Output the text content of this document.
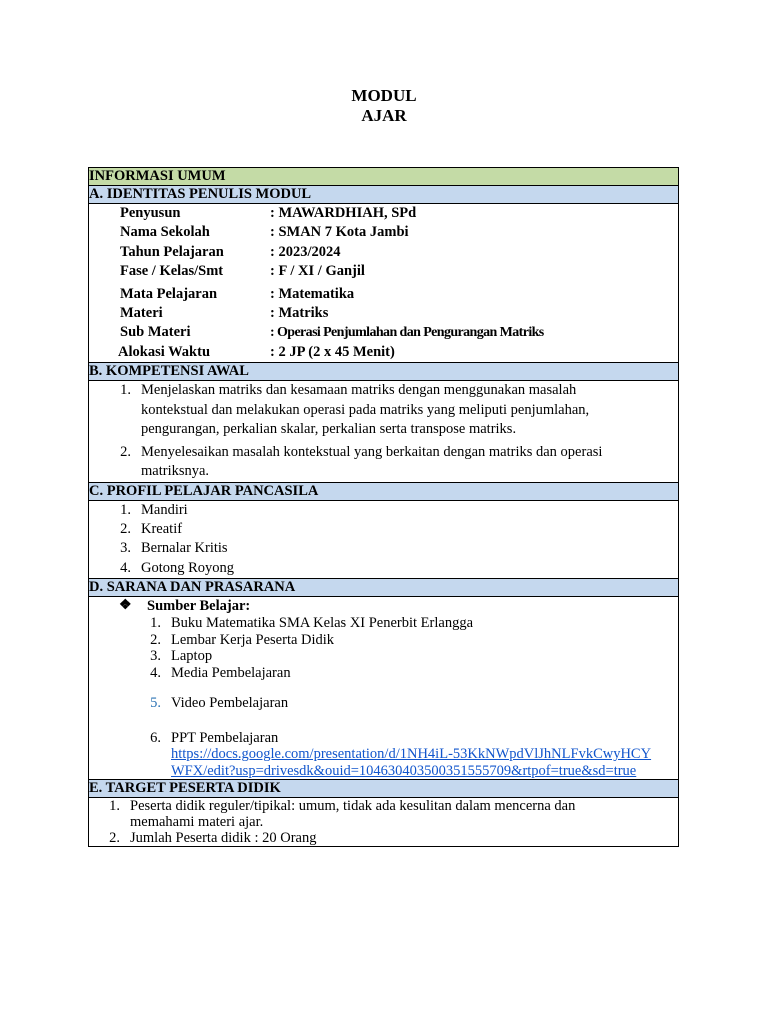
MODUL
AJAR
INFORMASI UMUM
A. IDENTITAS PENULIS MODUL

Penyusun	: MAWARDHIAH, SPd
Nama Sekolah	: SMAN 7 Kota Jambi
Tahun Pelajaran	: 2023/2024
Fase / Kelas/Smt	: F / XI / Ganjil
Mata Pelajaran	: Matematika
Materi	: Matriks
Sub Materi	: Operasi Penjumlahan dan Pengurangan Matriks
Alokasi Waktu	: 2 JP (2 x 45 Menit)

B. KOMPETENSI AWAL

1. Menjelaskan matriks dan kesamaan matriks dengan menggunakan masalah kontekstual dan melakukan operasi pada matriks yang meliputi penjumlahan, pengurangan, perkalian skalar, perkalian serta transpose matriks.
2. Menyelesaikan masalah kontekstual yang berkaitan dengan matriks dan operasi matriksnya.

C. PROFIL PELAJAR PANCASILA

1. Mandiri
2. Kreatif
3. Bernalar Kritis
4. Gotong Royong

D. SARANA DAN PRASARANA

❖	Sumber Belajar:
1. Buku Matematika SMA Kelas XI Penerbit Erlangga
2. Lembar Kerja Peserta Didik
3. Laptop
4. Media Pembelajaran
5. Video Pembelajaran
6. PPT Pembelajaran
https://docs.google.com/presentation/d/1NH4iL-53KkNWpdVlJhNLFvkCwyHCYWFX/edit?usp=drivesdk&ouid=104630403500351555709&rtpof=true&sd=true

E. TARGET PESERTA DIDIK

1. Peserta didik reguler/tipikal: umum, tidak ada kesulitan dalam mencerna dan memahami materi ajar.
2. Jumlah Peserta didik : 20 Orang
